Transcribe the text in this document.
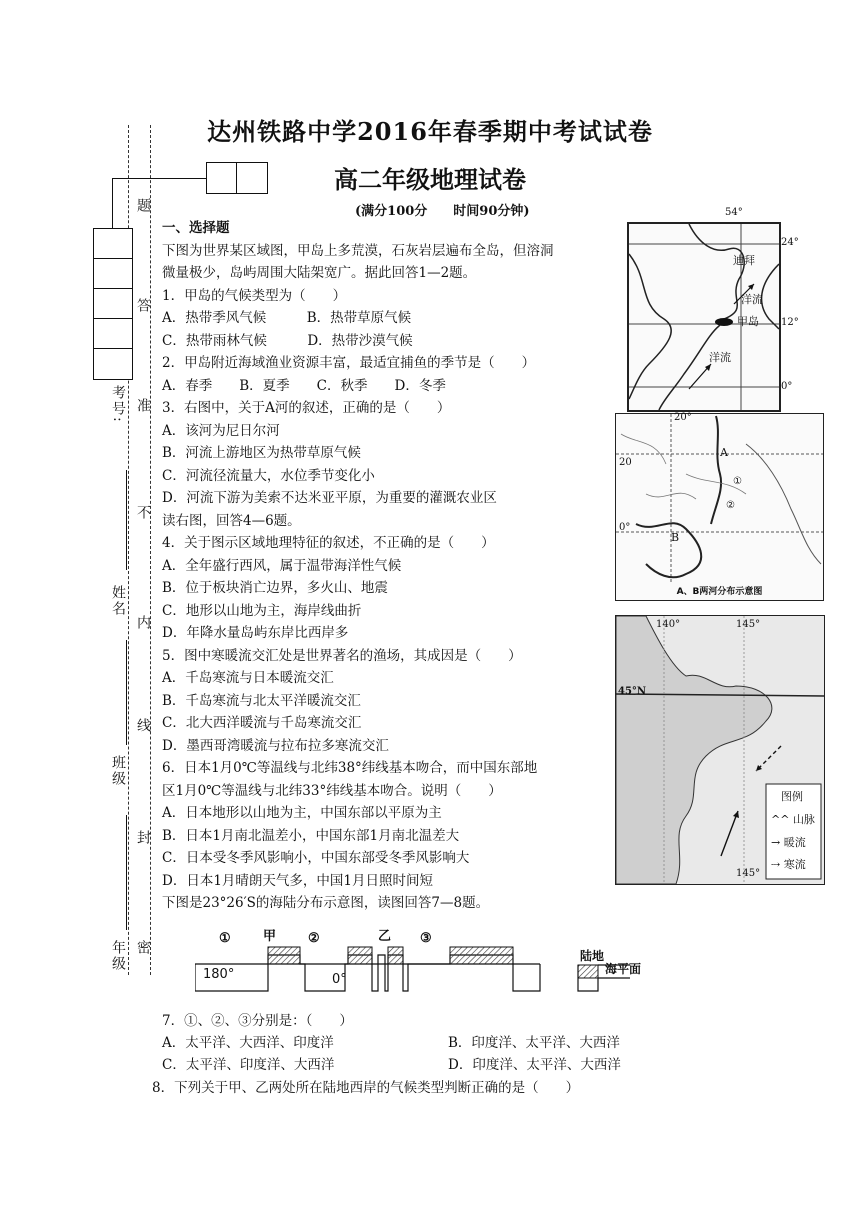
题
答
准
不
内
线
封
密
考号:
姓名
班级
年级
达州铁路中学2016年春季期中考试试卷
高二年级地理试卷
(满分100分　　时间90分钟)
一、选择题
下图为世界某区域图，甲岛上多荒漠，石灰岩层遍布全岛，但溶洞
微量极少，岛屿周围大陆架宽广。据此回答1—2题。
1．甲岛的气候类型为（　　）
A．热带季风气候　　　B．热带草原气候
C．热带雨林气候　　　D．热带沙漠气候
2．甲岛附近海域渔业资源丰富，最适宜捕鱼的季节是（　　）
A．春季　　B．夏季　　C．秋季　　D．冬季
3．右图中，关于A河的叙述，正确的是（　　）
A．该河为尼日尔河
B．河流上游地区为热带草原气候
C．河流径流量大，水位季节变化小
D．河流下游为美索不达米亚平原，为重要的灌溉农业区
读右图，回答4—6题。
4．关于图示区域地理特征的叙述，不正确的是（　　）
A．全年盛行西风，属于温带海洋性气候
B．位于板块消亡边界，多火山、地震
C．地形以山地为主，海岸线曲折
D．年降水量岛屿东岸比西岸多
5．图中寒暖流交汇处是世界著名的渔场，其成因是（　　）
A．千岛寒流与日本暖流交汇
B．千岛寒流与北太平洋暖流交汇
C．北大西洋暖流与千岛寒流交汇
D．墨西哥湾暖流与拉布拉多寒流交汇
6．日本1月0℃等温线与北纬38°纬线基本吻合，而中国东部地
区1月0℃等温线与北纬33°纬线基本吻合。说明（　　）
A．日本地形以山地为主，中国东部以平原为主
B．日本1月南北温差小，中国东部1月南北温差大
C．日本受冬季风影响小，中国东部受冬季风影响大
D．日本1月晴朗天气多，中国1月日照时间短
下图是23°26′S的海陆分布示意图，读图回答7—8题。
54°
24°
12°
0°
迪拜
洋流
甲岛
洋流
20°
20
0°
A
B
①
②
A、B两河分布示意图
140°	145°
45°N
145°
图例
^^ 山脉
→ 暖流
⇢ 寒流
① 甲 ②	乙 ③
180°	0°
陆地
海平面
7．①、②、③分别是：（　　）
A．太平洋、大西洋、印度洋	B．印度洋、太平洋、大西洋
C．太平洋、印度洋、大西洋	D．印度洋、太平洋、大西洋
8．下列关于甲、乙两处所在陆地西岸的气候类型判断正确的是（　　）
